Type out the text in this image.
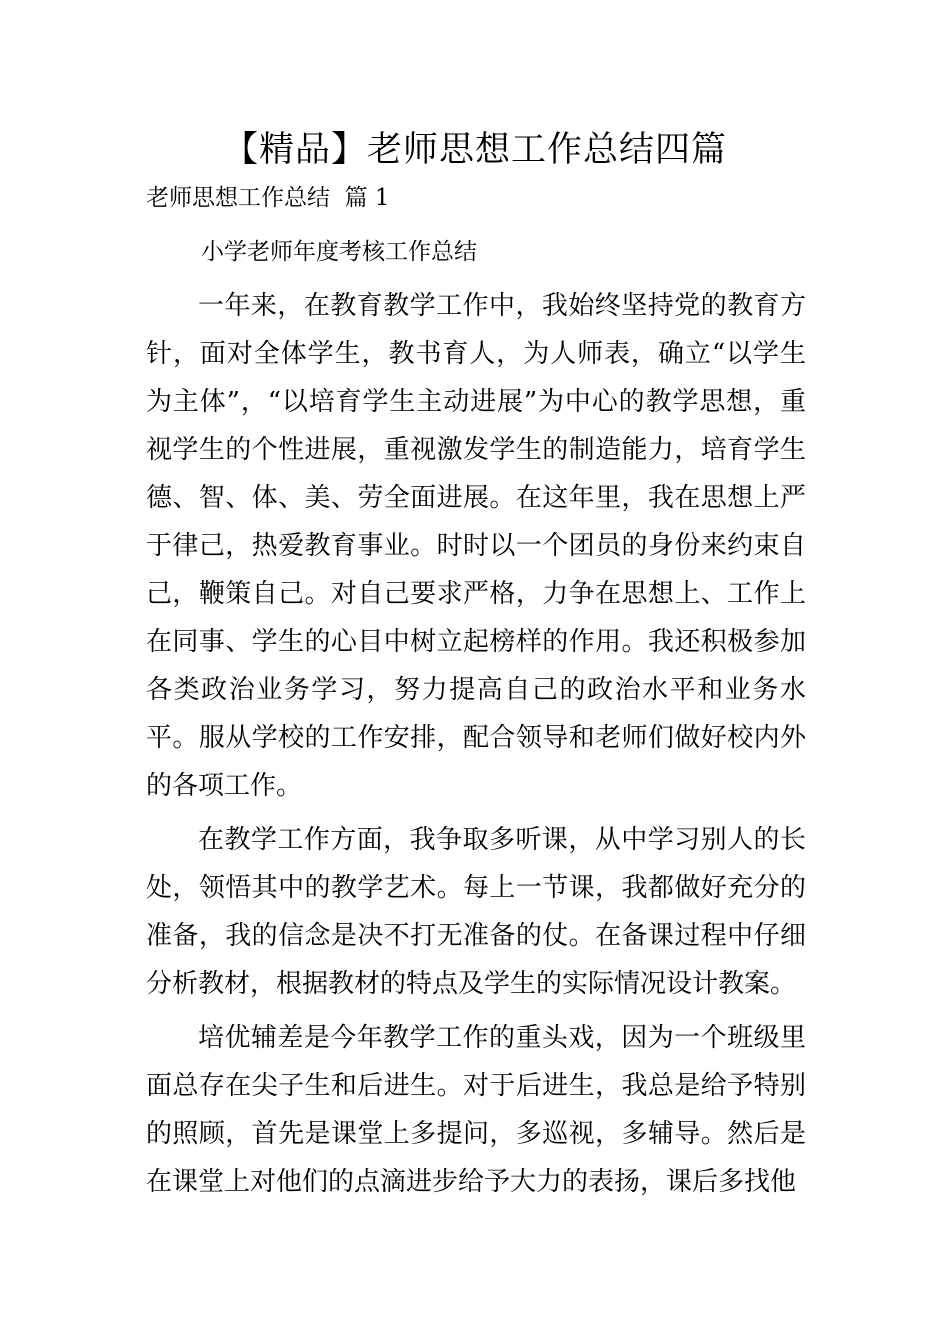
【精品】老师思想工作总结四篇
老师思想工作总结  篇 1

小学老师年度考核工作总结

一年来，在教育教学工作中，我始终坚持党的教育方针，面对全体学生，教书育人，为人师表，确立“以学生为主体”，“以培育学生主动进展”为中心的教学思想，重视学生的个性进展，重视激发学生的制造能力，培育学生德、智、体、美、劳全面进展。在这年里，我在思想上严于律己，热爱教育事业。时时以一个团员的身份来约束自己，鞭策自己。对自己要求严格，力争在思想上、工作上在同事、学生的心目中树立起榜样的作用。我还积极参加各类政治业务学习，努力提高自己的政治水平和业务水平。服从学校的工作安排，配合领导和老师们做好校内外的各项工作。

在教学工作方面，我争取多听课，从中学习别人的长处，领悟其中的教学艺术。每上一节课，我都做好充分的准备，我的信念是决不打无准备的仗。在备课过程中仔细分析教材，根据教材的特点及学生的实际情况设计教案。

培优辅差是今年教学工作的重头戏，因为一个班级里面总存在尖子生和后进生。对于后进生，我总是给予特别的照顾，首先是课堂上多提问，多巡视，多辅导。然后是在课堂上对他们的点滴进步给予大力的表扬，课后多找他
